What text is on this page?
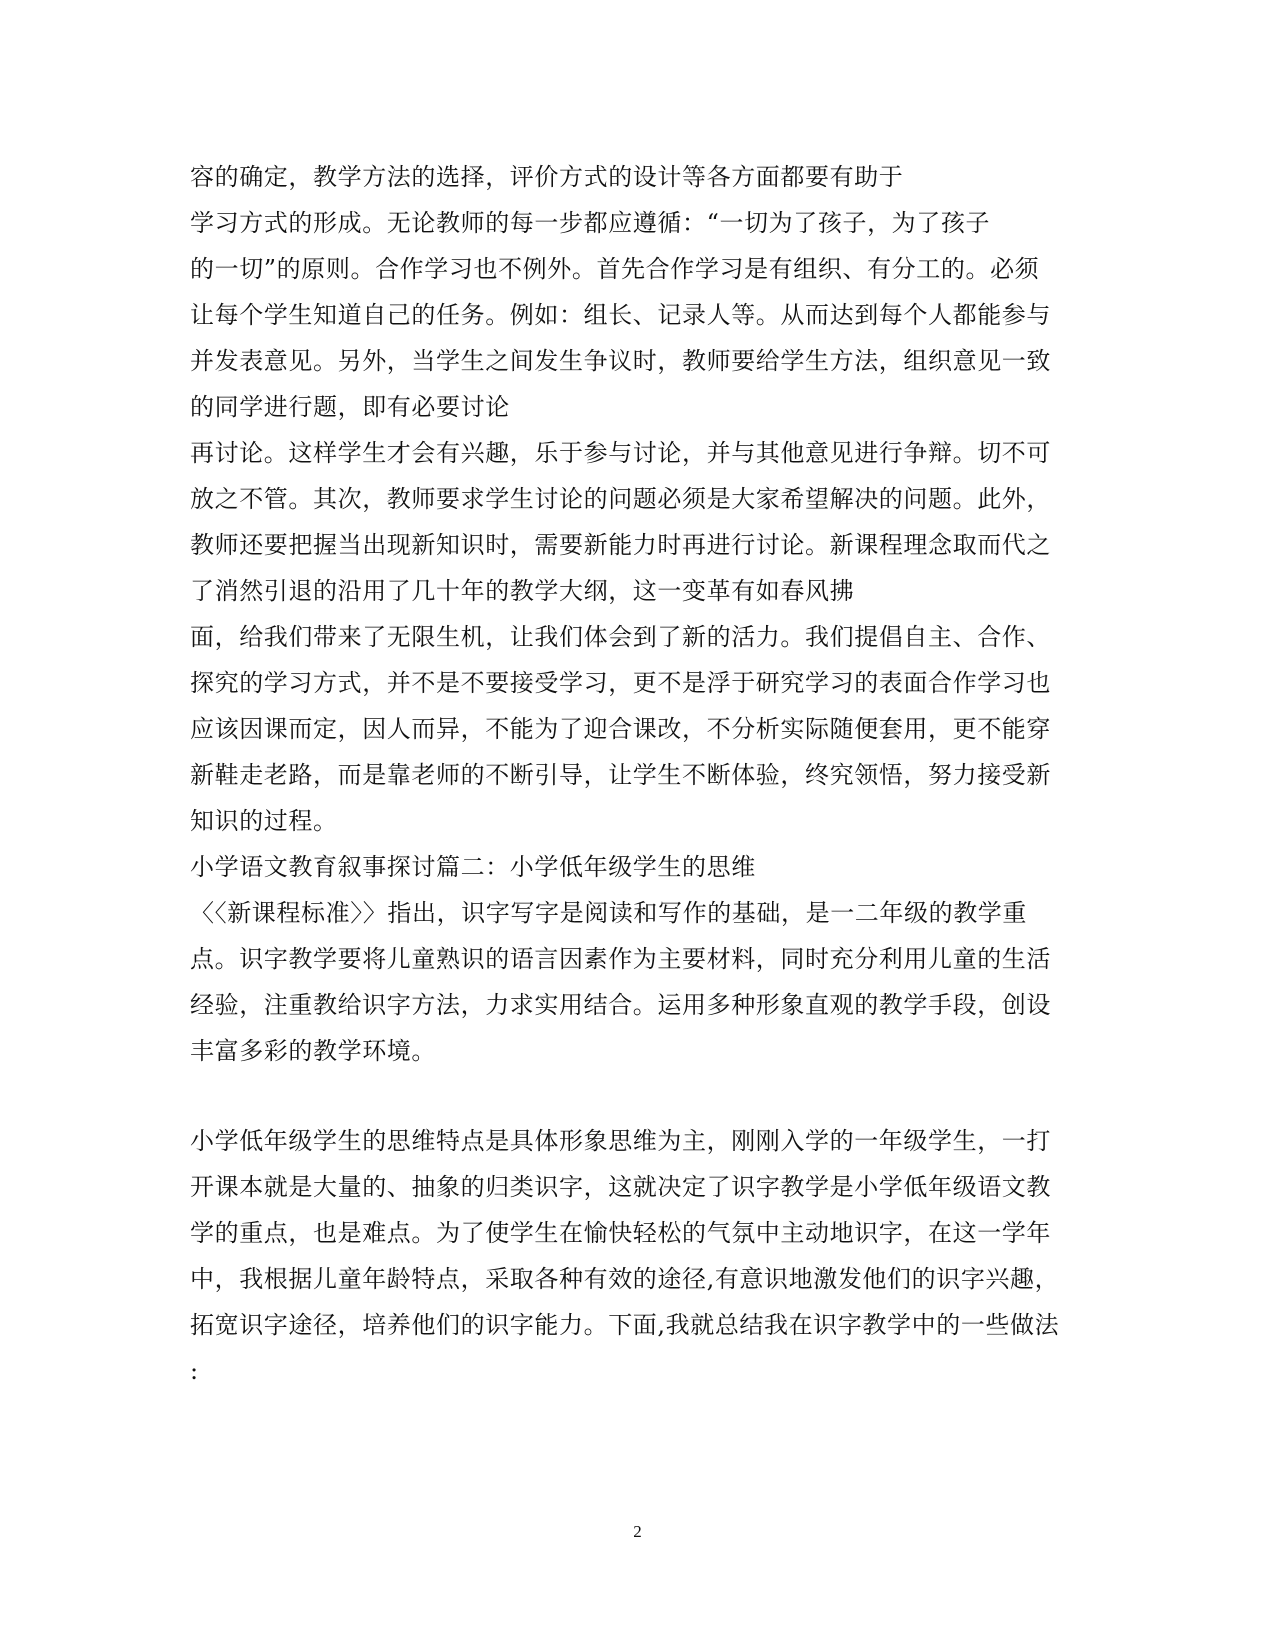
容的确定，教学方法的选择，评价方式的设计等各方面都要有助于
学习方式的形成。无论教师的每一步都应遵循：“一切为了孩子，为了孩子
的一切”的原则。合作学习也不例外。首先合作学习是有组织、有分工的。必须
让每个学生知道自己的任务。例如：组长、记录人等。从而达到每个人都能参与
并发表意见。另外，当学生之间发生争议时，教师要给学生方法，组织意见一致
的同学进行题，即有必要讨论
再讨论。这样学生才会有兴趣，乐于参与讨论，并与其他意见进行争辩。切不可
放之不管。其次，教师要求学生讨论的问题必须是大家希望解决的问题。此外，
教师还要把握当出现新知识时，需要新能力时再进行讨论。新课程理念取而代之
了消然引退的沿用了几十年的教学大纲，这一变革有如春风拂
面，给我们带来了无限生机，让我们体会到了新的活力。我们提倡自主、合作、
探究的学习方式，并不是不要接受学习，更不是浮于研究学习的表面合作学习也
应该因课而定，因人而异，不能为了迎合课改，不分析实际随便套用，更不能穿
新鞋走老路，而是靠老师的不断引导，让学生不断体验，终究领悟，努力接受新
知识的过程。
小学语文教育叙事探讨篇二：小学低年级学生的思维
〈〈新课程标准〉〉指出，识字写字是阅读和写作的基础，是一二年级的教学重
点。识字教学要将儿童熟识的语言因素作为主要材料，同时充分利用儿童的生活
经验，注重教给识字方法，力求实用结合。运用多种形象直观的教学手段，创设
丰富多彩的教学环境。
小学低年级学生的思维特点是具体形象思维为主，刚刚入学的一年级学生，一打
开课本就是大量的、抽象的归类识字，这就决定了识字教学是小学低年级语文教
学的重点，也是难点。为了使学生在愉快轻松的气氛中主动地识字，在这一学年
中，我根据儿童年龄特点，采取各种有效的途径,有意识地激发他们的识字兴趣，
拓宽识字途径，培养他们的识字能力。下面,我就总结我在识字教学中的一些做法
:
2
